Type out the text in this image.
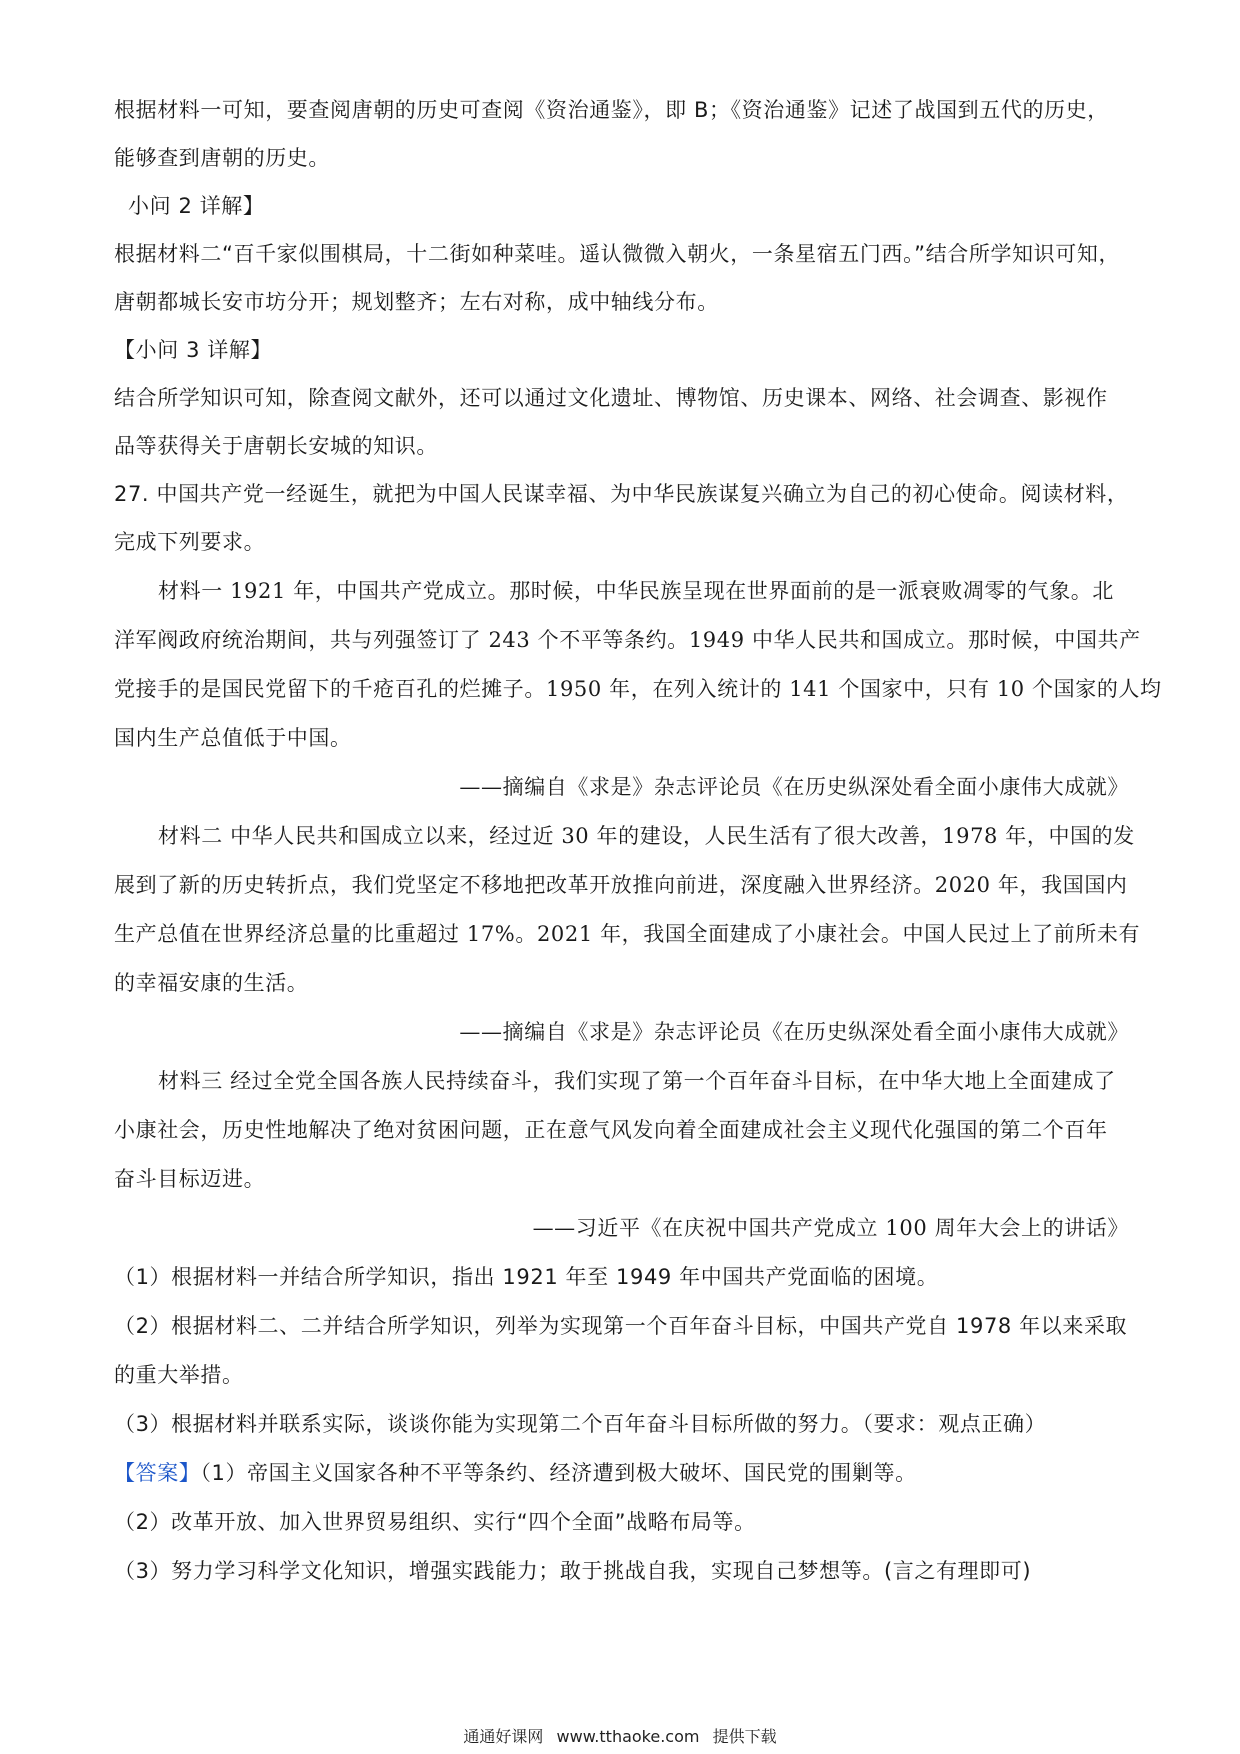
根据材料一可知，要查阅唐朝的历史可查阅《资治通鉴》，即 B；《资治通鉴》记述了战国到五代的历史，
能够查到唐朝的历史。
小问 2 详解】
根据材料二“百千家似围棋局，十二街如种菜哇。遥认微微入朝火，一条星宿五门西。”结合所学知识可知，
唐朝都城长安市坊分开；规划整齐；左右对称，成中轴线分布。
【小问 3 详解】
结合所学知识可知，除查阅文献外，还可以通过文化遗址、博物馆、历史课本、网络、社会调查、影视作
品等获得关于唐朝长安城的知识。
27. 中国共产党一经诞生，就把为中国人民谋幸福、为中华民族谋复兴确立为自己的初心使命。阅读材料，
完成下列要求。
材料一 1921 年，中国共产党成立。那时候，中华民族呈现在世界面前的是一派衰败凋零的气象。北
洋军阀政府统治期间，共与列强签订了 243 个不平等条约。1949 中华人民共和国成立。那时候，中国共产
党接手的是国民党留下的千疮百孔的烂摊子。1950 年，在列入统计的 141 个国家中，只有 10 个国家的人均
国内生产总值低于中国。
——摘编自《求是》杂志评论员《在历史纵深处看全面小康伟大成就》
材料二 中华人民共和国成立以来，经过近 30 年的建设，人民生活有了很大改善，1978 年，中国的发
展到了新的历史转折点，我们党坚定不移地把改革开放推向前进，深度融入世界经济。2020 年，我国国内
生产总值在世界经济总量的比重超过 17%。2021 年，我国全面建成了小康社会。中国人民过上了前所未有
的幸福安康的生活。
——摘编自《求是》杂志评论员《在历史纵深处看全面小康伟大成就》
材料三 经过全党全国各族人民持续奋斗，我们实现了第一个百年奋斗目标，在中华大地上全面建成了
小康社会，历史性地解决了绝对贫困问题，正在意气风发向着全面建成社会主义现代化强国的第二个百年
奋斗目标迈进。
——习近平《在庆祝中国共产党成立 100 周年大会上的讲话》
（1）根据材料一并结合所学知识，指出 1921 年至 1949 年中国共产党面临的困境。
（2）根据材料二、二并结合所学知识，列举为实现第一个百年奋斗目标，中国共产党自 1978 年以来采取
的重大举措。
（3）根据材料并联系实际，谈谈你能为实现第二个百年奋斗目标所做的努力。（要求：观点正确）
【答案】（1）帝国主义国家各种不平等条约、经济遭到极大破坏、国民党的围剿等。
（2）改革开放、加入世界贸易组织、实行“四个全面”战略布局等。
（3）努力学习科学文化知识，增强实践能力；敢于挑战自我，实现自己梦想等。(言之有理即可)
通通好课网 www.tthaoke.com 提供下载
